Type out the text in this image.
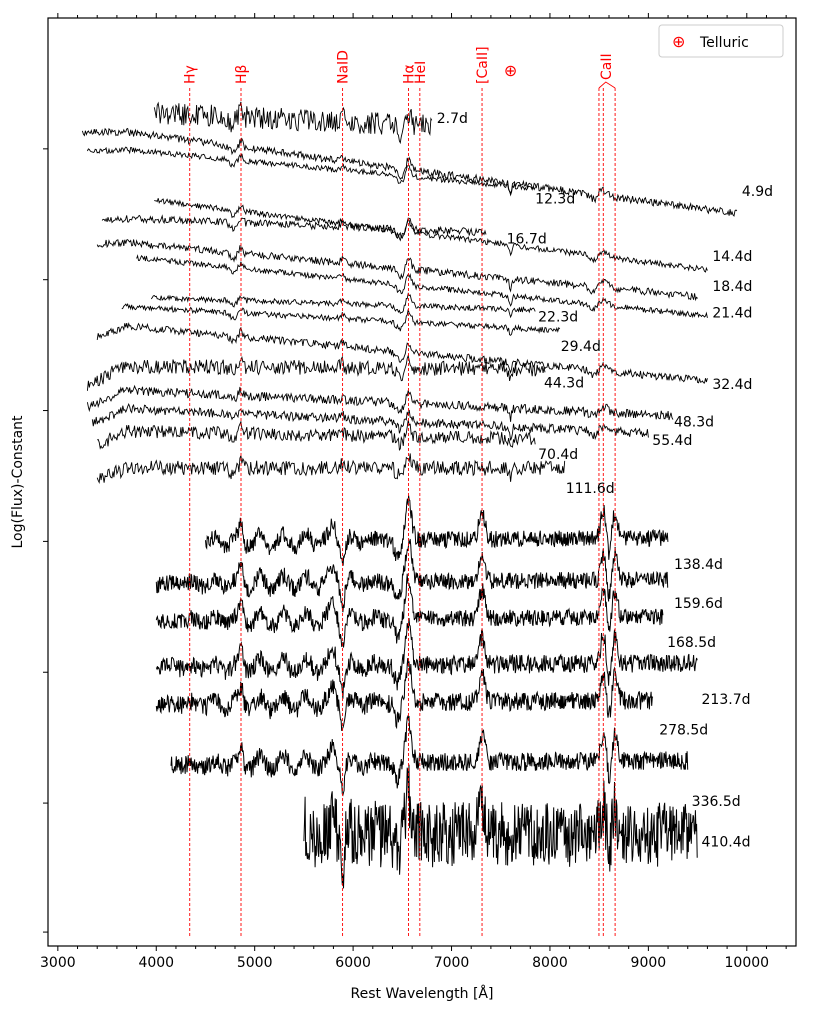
2.7d
4.9d
12.3d
16.7d
14.4d
18.4d
22.3d	21.4d
29.4d
44.3d	32.4d
48.3d
55.4d
70.4d
111.6d
138.4d
159.6d
168.5d
213.7d
278.5d
336.5d
410.4d
Hγ	Hβ	NaID	Hα
HeI	[CaII]	CaII
⊕
3000	4000	5000	6000	7000	8000	9000	10000
⊕ Telluric
Rest Wavelength [Å]
Log(Flux)-Constant
